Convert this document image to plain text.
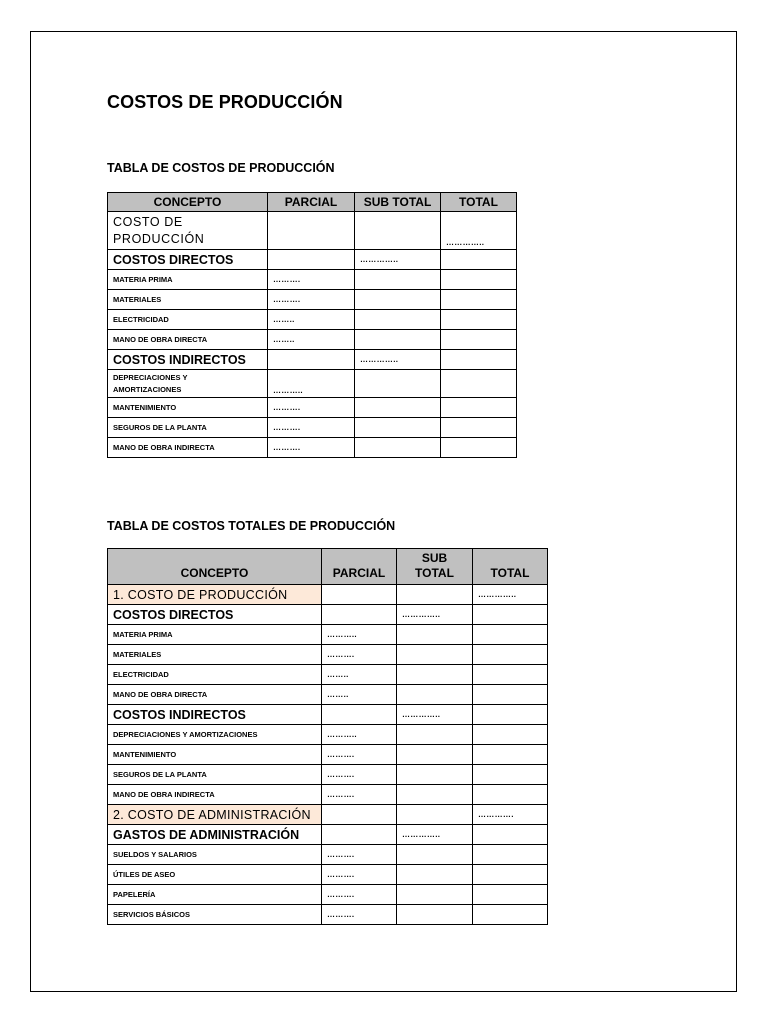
COSTOS DE PRODUCCIÓN
TABLA DE COSTOS DE PRODUCCIÓN
CONCEPTO	PARCIAL	SUB TOTAL	TOTAL
COSTO DE PRODUCCIÓN			…………..
COSTOS DIRECTOS		…………..	
MATERIA PRIMA	……….		
MATERIALES	……….		
ELECTRICIDAD	……..		
MANO DE OBRA DIRECTA	……..		
COSTOS INDIRECTOS		…………..	

DEPRECIACIONES Y AMORTIZACIONES	………..		
MANTENIMIENTO	……….		
SEGUROS DE LA PLANTA	……….		
MANO DE OBRA INDIRECTA	……….		
TABLA DE COSTOS TOTALES DE PRODUCCIÓN
CONCEPTO	PARCIAL	SUB TOTAL	TOTAL
1. COSTO DE PRODUCCIÓN			…………..
COSTOS DIRECTOS		…………..	
MATERIA PRIMA	………..		
MATERIALES	……….		
ELECTRICIDAD	……..		
MANO DE OBRA DIRECTA	……..		
COSTOS INDIRECTOS		…………..	
DEPRECIACIONES Y AMORTIZACIONES	………..		
MANTENIMIENTO	……….		
SEGUROS DE LA PLANTA	……….		
MANO DE OBRA INDIRECTA	……….		
2. COSTO DE ADMINISTRACIÓN			………….
GASTOS DE ADMINISTRACIÓN		…………..	
SUELDOS Y SALARIOS	……….		
ÚTILES DE ASEO	……….		
PAPELERÍA	……….		
SERVICIOS BÁSICOS	……….		
